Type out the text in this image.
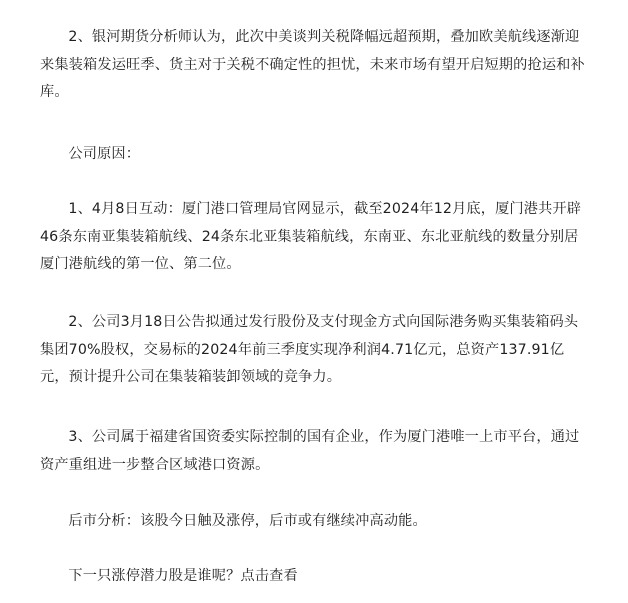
2、银河期货分析师认为，此次中美谈判关税降幅远超预期，叠加欧美航线逐渐迎来集装箱发运旺季、货主对于关税不确定性的担忧，未来市场有望开启短期的抢运和补库。
公司原因：
1、4月8日互动：厦门港口管理局官网显示，截至2024年12月底，厦门港共开辟46条东南亚集装箱航线、24条东北亚集装箱航线，东南亚、东北亚航线的数量分别居厦门港航线的第一位、第二位。
2、公司3月18日公告拟通过发行股份及支付现金方式向国际港务购买集装箱码头集团70%股权，交易标的2024年前三季度实现净利润4.71亿元，总资产137.91亿元，预计提升公司在集装箱装卸领域的竞争力。
3、公司属于福建省国资委实际控制的国有企业，作为厦门港唯一上市平台，通过资产重组进一步整合区域港口资源。
后市分析：该股今日触及涨停，后市或有继续冲高动能。
下一只涨停潜力股是谁呢？点击查看
